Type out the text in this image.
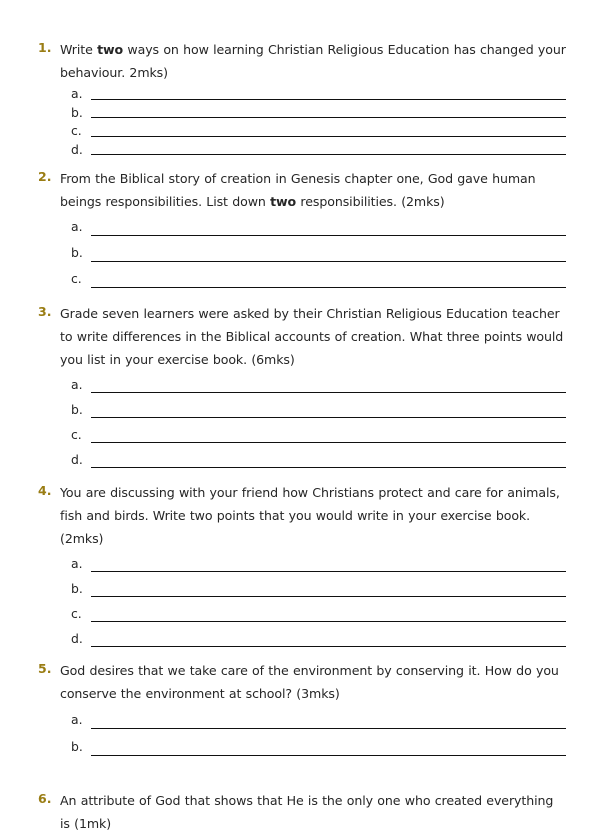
1. Write two ways on how learning Christian Religious Education has changed your behaviour. 2mks)
a.
b.
c.
d.
2. From the Biblical story of creation in Genesis chapter one, God gave human beings responsibilities. List down two responsibilities. (2mks)
a.
b.
c.
3. Grade seven learners were asked by their Christian Religious Education teacher to write differences in the Biblical accounts of creation. What three points would you list in your exercise book. (6mks)
a.
b.
c.
d.
4. You are discussing with your friend how Christians protect and care for animals, fish and birds. Write two points that you would write in your exercise book. (2mks)
a.
b.
c.
d.
5. God desires that we take care of the environment by conserving it. How do you conserve the environment at school? (3mks)
a.
b.
6. An attribute of God that shows that He is the only one who created everything is (1mk)
